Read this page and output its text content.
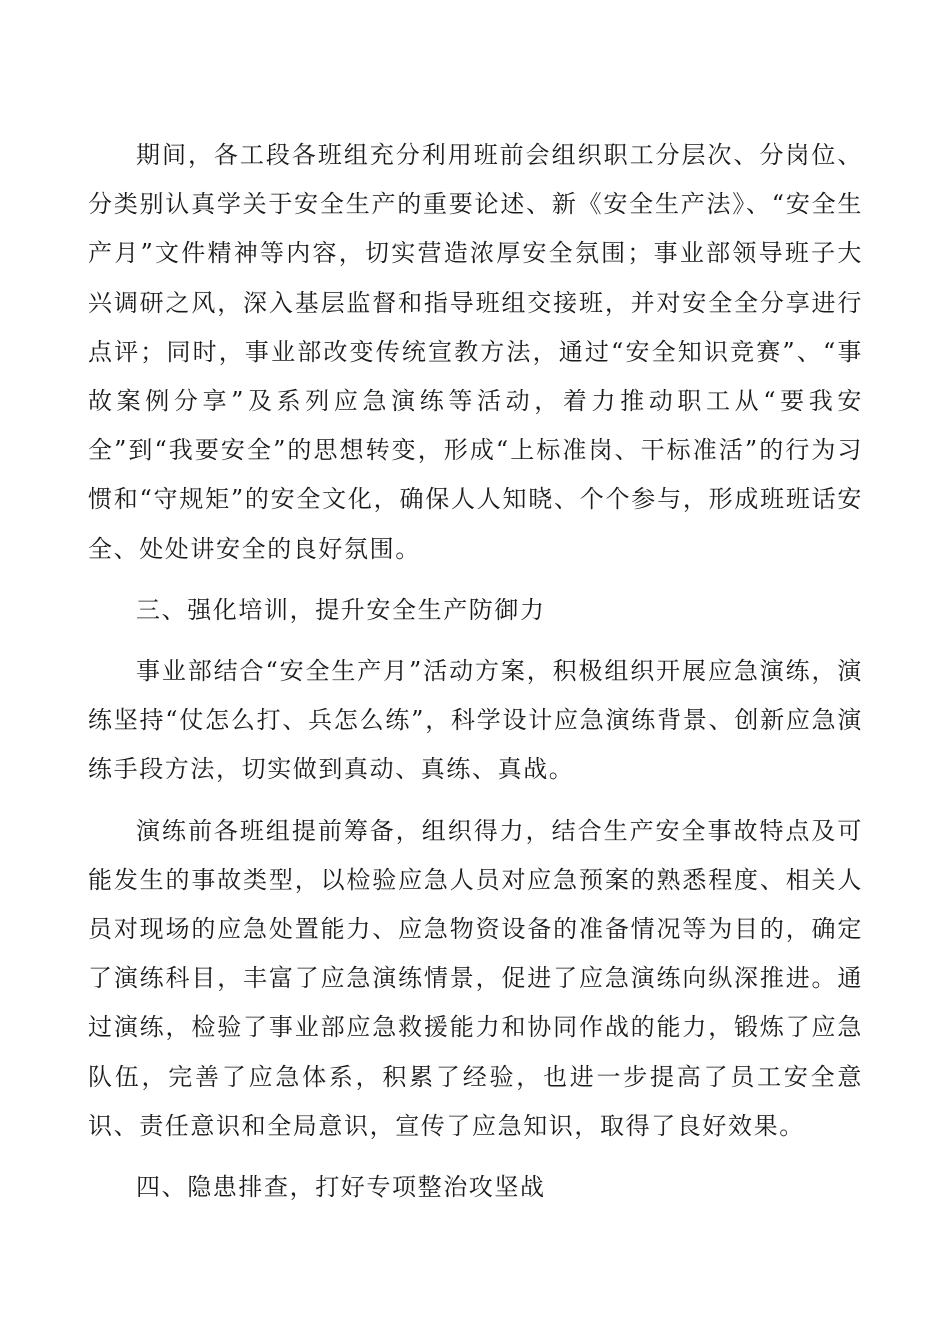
期间，各工段各班组充分利用班前会组织职工分层次、分岗位、分类别认真学关于安全生产的重要论述、新《安全生产法》、“安全生产月”文件精神等内容，切实营造浓厚安全氛围；事业部领导班子大兴调研之风，深入基层监督和指导班组交接班，并对安全全分享进行点评；同时，事业部改变传统宣教方法，通过“安全知识竞赛”、“事故案例分享”及系列应急演练等活动，着力推动职工从“要我安全”到“我要安全”的思想转变，形成“上标准岗、干标准活”的行为习惯和“守规矩”的安全文化，确保人人知晓、个个参与，形成班班话安全、处处讲安全的良好氛围。

三、强化培训，提升安全生产防御力

事业部结合“安全生产月”活动方案，积极组织开展应急演练，演练坚持“仗怎么打、兵怎么练”，科学设计应急演练背景、创新应急演练手段方法，切实做到真动、真练、真战。

演练前各班组提前筹备，组织得力，结合生产安全事故特点及可能发生的事故类型，以检验应急人员对应急预案的熟悉程度、相关人员对现场的应急处置能力、应急物资设备的准备情况等为目的，确定了演练科目，丰富了应急演练情景，促进了应急演练向纵深推进。通过演练，检验了事业部应急救援能力和协同作战的能力，锻炼了应急队伍，完善了应急体系，积累了经验，也进一步提高了员工安全意识、责任意识和全局意识，宣传了应急知识，取得了良好效果。

四、隐患排查，打好专项整治攻坚战
